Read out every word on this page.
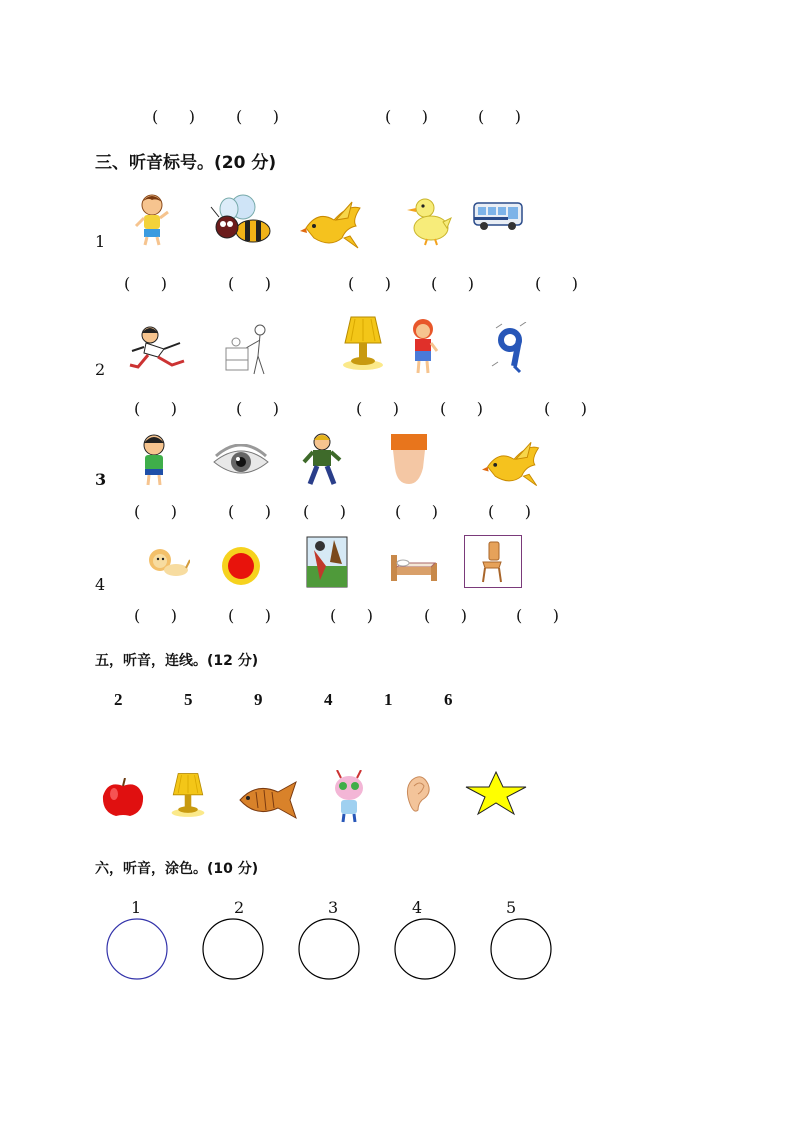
(      )	(      )	(      )	(      )
三、听音标号。(20 分)
1
(      )	(      )	(      )	(      )	(      )
2
(      )	(      )	(      )	(      )	(      )
3
(      )	(      ) (      )	(      )	(      )
4
(      )	(      )	(      )	(      )	(      )
五，听音，连线。(12 分)
2	5	9	4	1	6
六，听音，涂色。(10 分)
1	2	3	4	5
